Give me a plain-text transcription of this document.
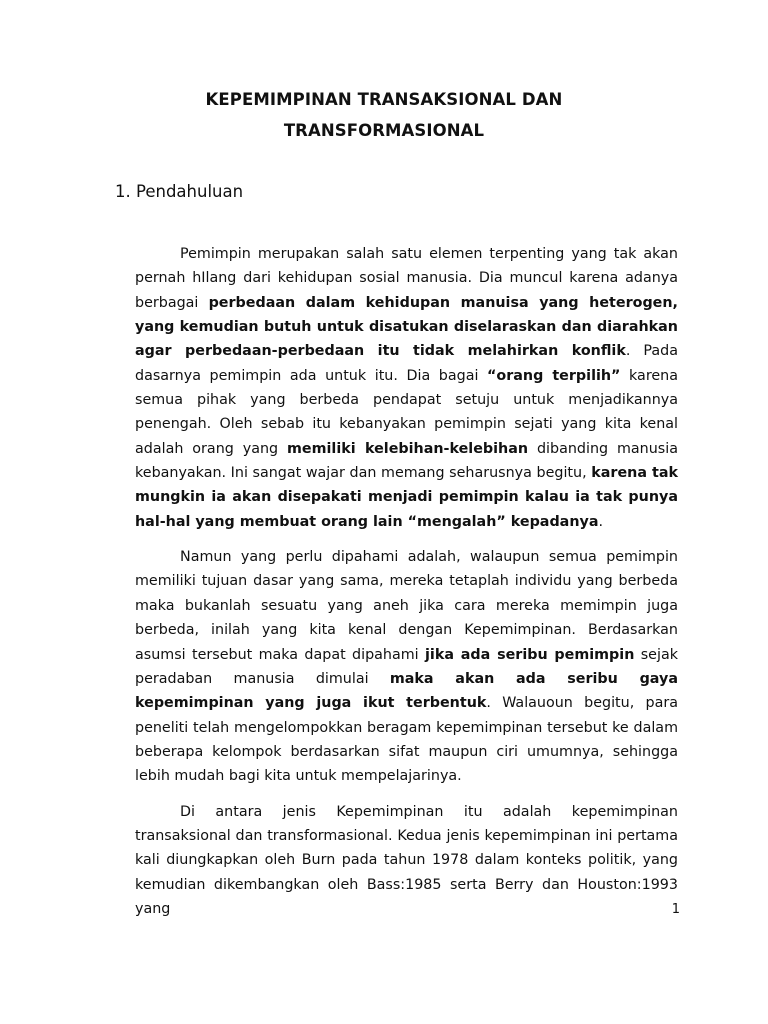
KEPEMIMPINAN TRANSAKSIONAL DAN
TRANSFORMASIONAL
1. Pendahuluan

Pemimpin merupakan salah satu elemen terpenting yang tak akan pernah hIlang dari kehidupan sosial manusia. Dia muncul karena adanya berbagai perbedaan dalam kehidupan manuisa yang heterogen, yang kemudian butuh untuk disatukan diselaraskan dan diarahkan agar perbedaan-perbedaan itu tidak melahirkan konflik. Pada dasarnya pemimpin ada untuk itu. Dia bagai “orang terpilih” karena semua pihak yang berbeda pendapat setuju untuk menjadikannya penengah. Oleh sebab itu kebanyakan pemimpin sejati yang kita kenal adalah orang yang memiliki kelebihan-kelebihan dibanding manusia kebanyakan. Ini sangat wajar dan memang seharusnya begitu, karena tak mungkin ia akan disepakati menjadi pemimpin kalau ia tak punya hal-hal yang membuat orang lain “mengalah” kepadanya.

Namun yang perlu dipahami adalah, walaupun semua pemimpin memiliki tujuan dasar yang sama, mereka tetaplah individu yang berbeda maka bukanlah sesuatu yang aneh jika cara mereka memimpin juga berbeda, inilah yang kita kenal dengan Kepemimpinan. Berdasarkan asumsi tersebut maka dapat dipahami jika ada seribu pemimpin sejak peradaban manusia dimulai maka akan ada seribu gaya kepemimpinan yang juga ikut terbentuk. Walauoun begitu, para peneliti telah mengelompokkan beragam kepemimpinan tersebut ke dalam beberapa kelompok berdasarkan sifat maupun ciri umumnya, sehingga lebih mudah bagi kita untuk mempelajarinya.

Di antara jenis Kepemimpinan itu adalah kepemimpinan transaksional dan transformasional. Kedua jenis kepemimpinan ini pertama kali diungkapkan oleh Burn pada tahun 1978 dalam konteks politik, yang kemudian dikembangkan oleh Bass:1985 serta Berry dan Houston:1993 yang	1
